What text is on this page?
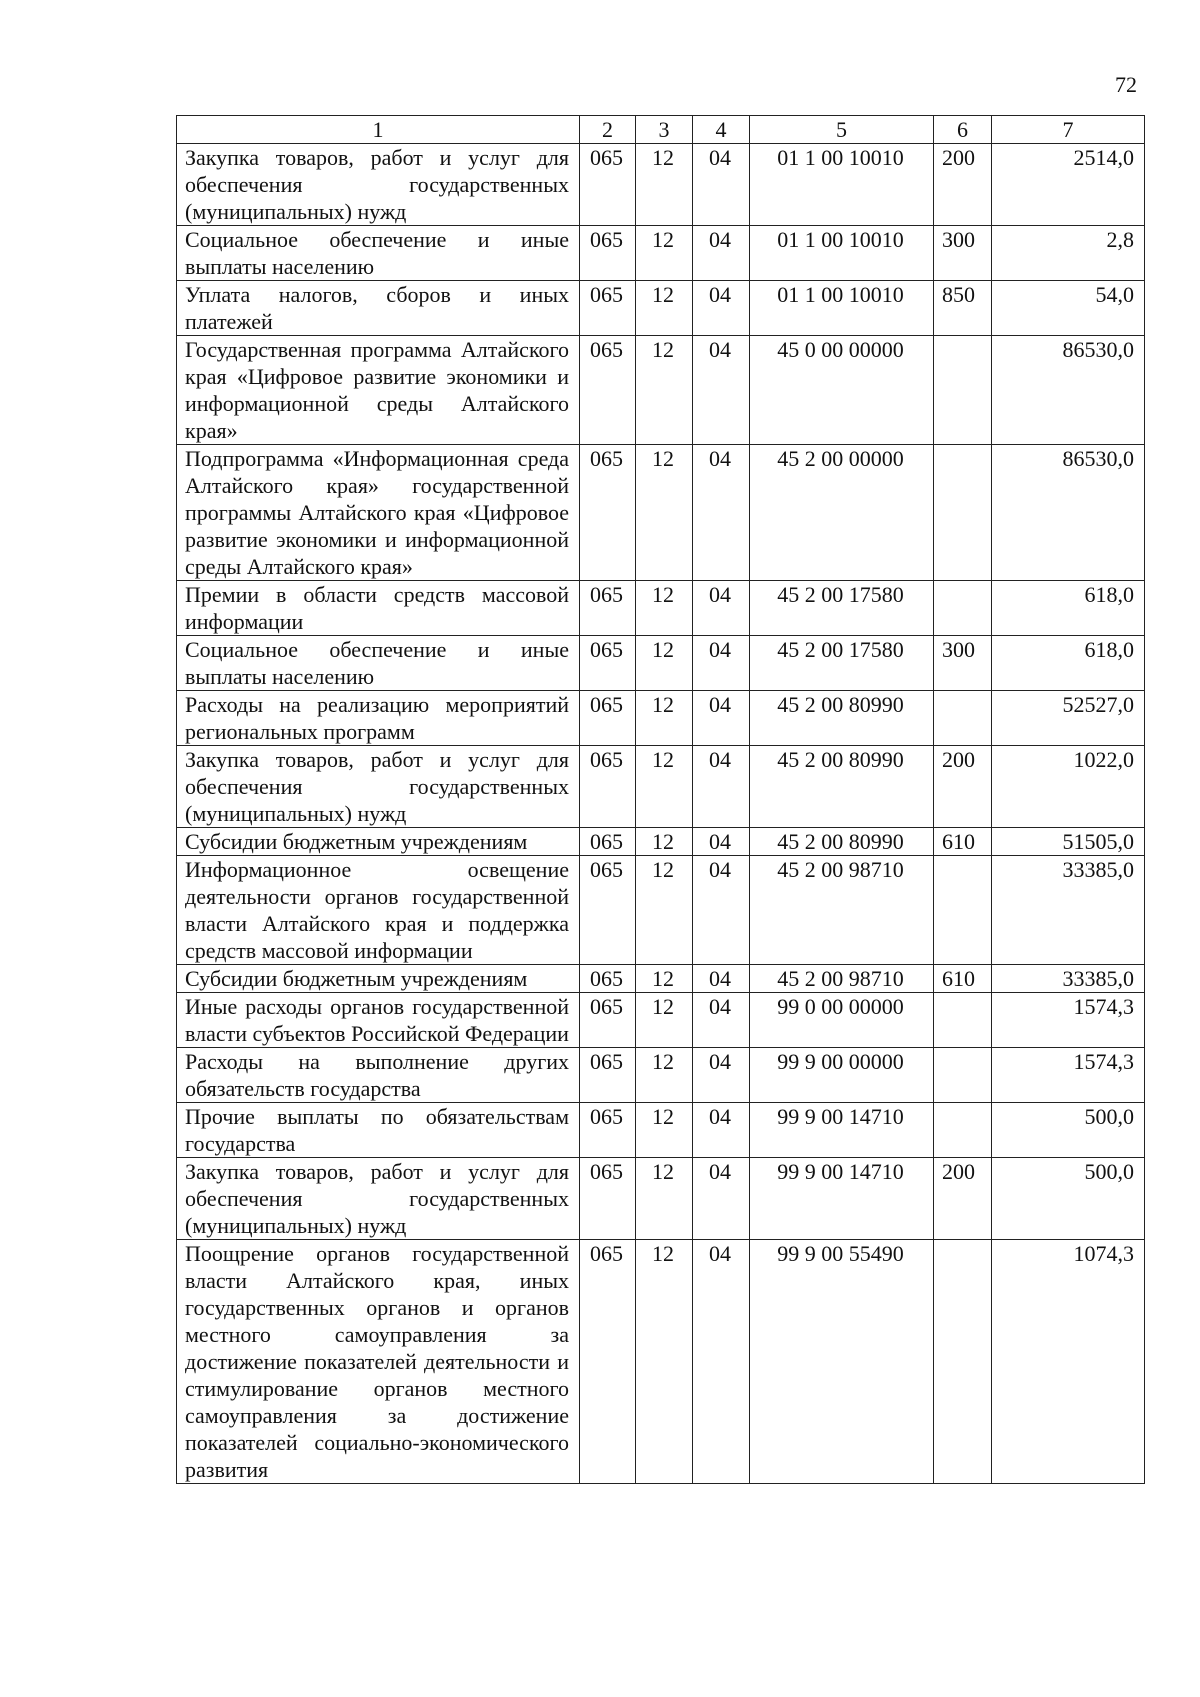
72
1	2	3	4	5	6	7
Закупка товаров, работ и услуг для обеспечения государственных (муниципальных) нужд	065	12	04	01 1 00 10010	200	2514,0
Социальное обеспечение и иные выплаты населению	065	12	04	01 1 00 10010	300	2,8
Уплата налогов, сборов и иных платежей	065	12	04	01 1 00 10010	850	54,0
Государственная программа Алтайского края «Цифровое развитие экономики и информационной среды Алтайского края»	065	12	04	45 0 00 00000		86530,0
Подпрограмма «Информационная среда Алтайского края» государственной программы Алтайского края «Цифровое развитие экономики и информационной среды Алтайского края»	065	12	04	45 2 00 00000		86530,0
Премии в области средств массовой информации	065	12	04	45 2 00 17580		618,0
Социальное обеспечение и иные выплаты населению	065	12	04	45 2 00 17580	300	618,0
Расходы на реализацию мероприятий региональных программ	065	12	04	45 2 00 80990		52527,0
Закупка товаров, работ и услуг для обеспечения государственных (муниципальных) нужд	065	12	04	45 2 00 80990	200	1022,0
Субсидии бюджетным учреждениям	065	12	04	45 2 00 80990	610	51505,0
Информационное освещение деятельности органов государственной власти Алтайского края и поддержка средств массовой информации	065	12	04	45 2 00 98710		33385,0
Субсидии бюджетным учреждениям	065	12	04	45 2 00 98710	610	33385,0
Иные расходы органов государственной власти субъектов Российской Федерации	065	12	04	99 0 00 00000		1574,3
Расходы на выполнение других обязательств государства	065	12	04	99 9 00 00000		1574,3
Прочие выплаты по обязательствам государства	065	12	04	99 9 00 14710		500,0
Закупка товаров, работ и услуг для обеспечения государственных (муниципальных) нужд	065	12	04	99 9 00 14710	200	500,0
Поощрение органов государственной власти Алтайского края, иных государственных органов и органов местного самоуправления за достижение показателей деятельности и стимулирование органов местного самоуправления за достижение показателей социально-экономического развития	065	12	04	99 9 00 55490		1074,3
